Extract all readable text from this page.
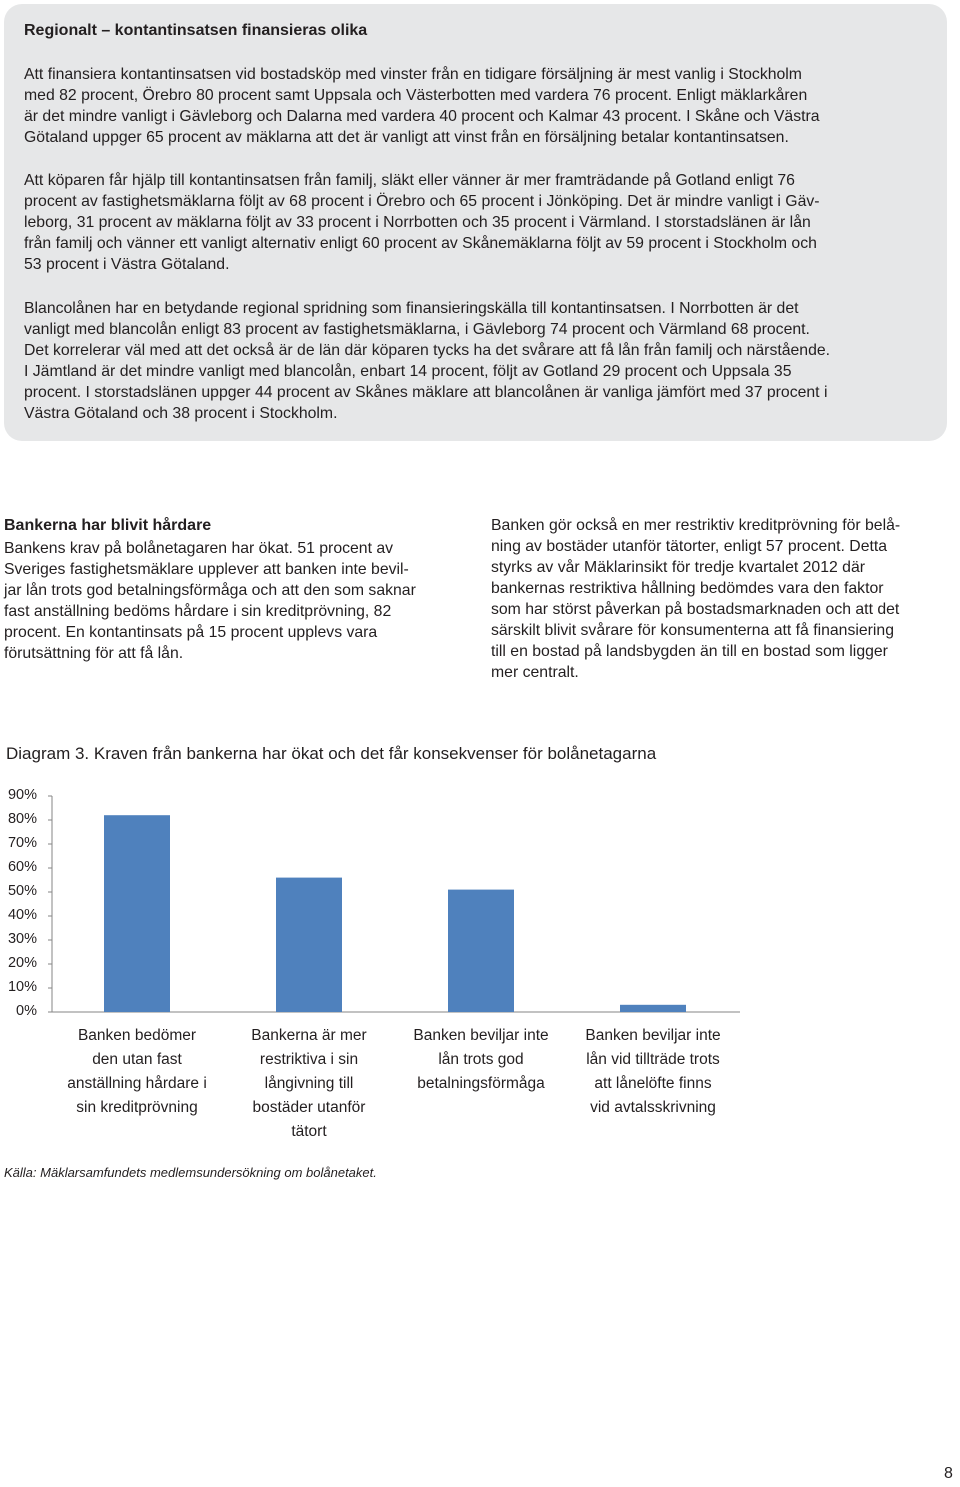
Regionalt – kontantinsatsen finansieras olika
Att finansiera kontantinsatsen vid bostadsköp med vinster från en tidigare försäljning är mest vanlig i Stockholm
med 82 procent, Örebro 80 procent samt Uppsala och Västerbotten med vardera 76 procent. Enligt mäklarkåren
är det mindre vanligt i Gävleborg och Dalarna med vardera 40 procent och Kalmar 43 procent. I Skåne och Västra
Götaland uppger 65 procent av mäklarna att det är vanligt att vinst från en försäljning betalar kontantinsatsen.
Att köparen får hjälp till kontantinsatsen från familj, släkt eller vänner är mer framträdande på Gotland enligt 76
procent av fastighetsmäklarna följt av 68 procent i Örebro och 65 procent i Jönköping. Det är mindre vanligt i Gäv-
leborg, 31 procent av mäklarna följt av 33 procent i Norrbotten och 35 procent i Värmland. I storstadslänen är lån
från familj och vänner ett vanligt alternativ enligt 60 procent av Skånemäklarna följt av 59 procent i Stockholm och
53 procent i Västra Götaland.
Blancolånen har en betydande regional spridning som finansieringskälla till kontantinsatsen. I Norrbotten är det
vanligt med blancolån enligt 83 procent av fastighetsmäklarna, i Gävleborg 74 procent och Värmland 68 procent.
Det korrelerar väl med att det också är de län där köparen tycks ha det svårare att få lån från familj och närstående.
I Jämtland är det mindre vanligt med blancolån, enbart 14 procent, följt av Gotland 29 procent och Uppsala 35
procent. I storstadslänen uppger 44 procent av Skånes mäklare att blancolånen är vanliga jämfört med 37 procent i
Västra Götaland och 38 procent i Stockholm.
Bankerna har blivit hårdare
Bankens krav på bolånetagaren har ökat. 51 procent av
Sveriges fastighetsmäklare upplever att banken inte bevil-
jar lån trots god betalningsförmåga och att den som saknar
fast anställning bedöms hårdare i sin kreditprövning, 82
procent. En kontantinsats på 15 procent upplevs vara
förutsättning för att få lån.
Banken gör också en mer restriktiv kreditprövning för belå-
ning av bostäder utanför tätorter, enligt 57 procent. Detta
styrks av vår Mäklarinsikt för tredje kvartalet 2012 där
bankernas restriktiva hållning bedömdes vara den faktor
som har störst påverkan på bostadsmarknaden och att det
särskilt blivit svårare för konsumenterna att få finansiering
till en bostad på landsbygden än till en bostad som ligger
mer centralt.
Diagram 3. Kraven från bankerna har ökat och det får konsekvenser för bolånetagarna
0%
10%
20%
30%
40%
50%
60%
70%
80%
90%
Banken bedömer
den utan fast
anställning hårdare i
sin kreditprövning
Bankerna är mer
restriktiva i sin
långivning till
bostäder utanför
tätort
Banken beviljar inte
lån trots god
betalningsförmåga
Banken beviljar inte
lån vid tillträde trots
att lånelöfte finns
vid avtalsskrivning
Källa: Mäklarsamfundets medlemsundersökning om bolånetaket.
8
